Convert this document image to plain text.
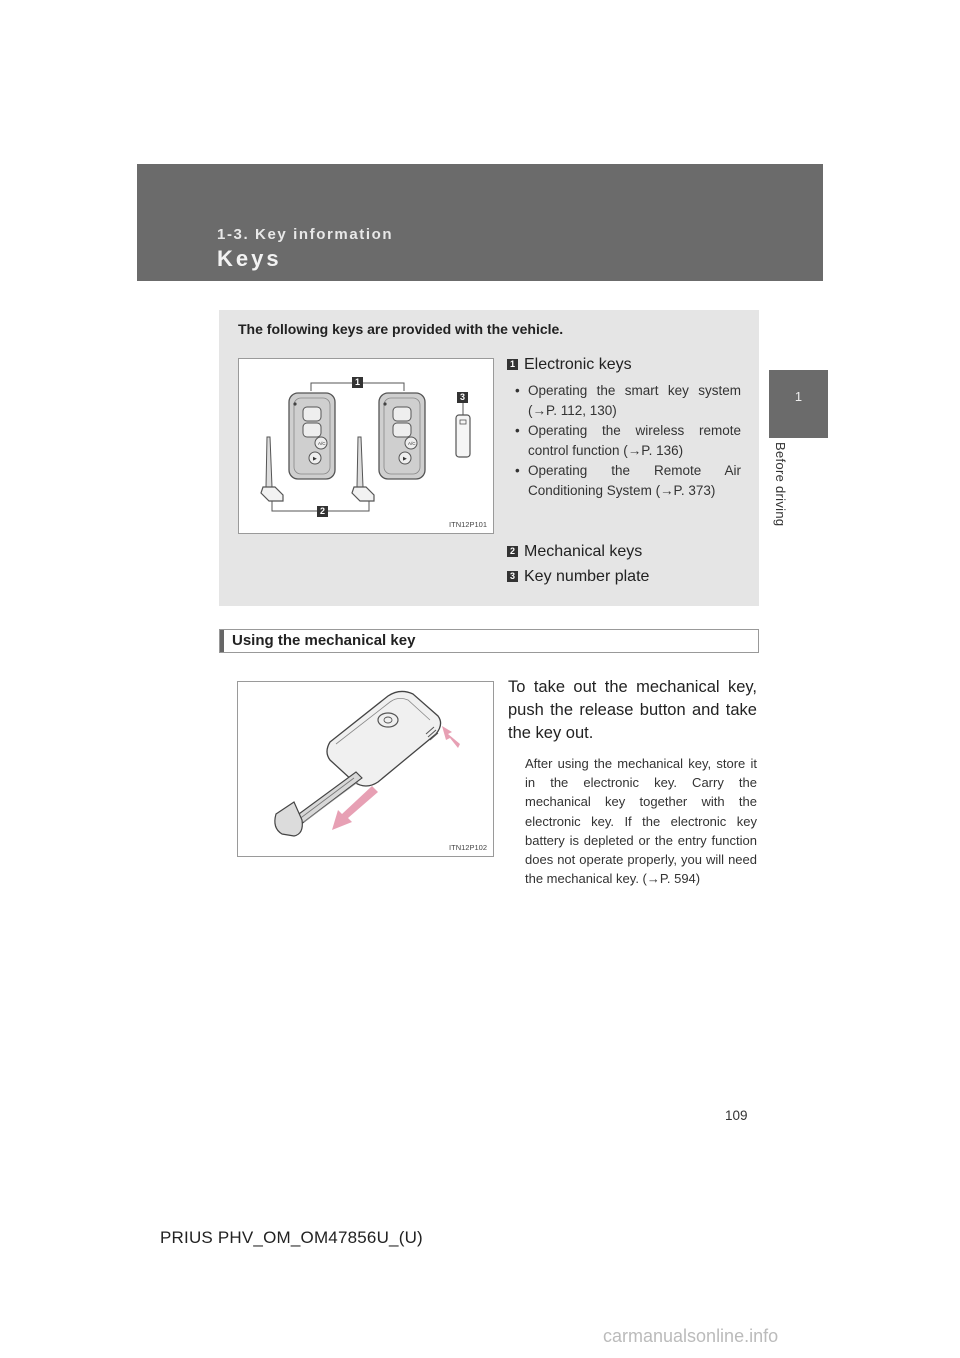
1-3. Key information
Keys
1
Before driving
The following keys are provided with the vehicle.
A/C
▶
A/C
▶
1
3
2
ITN12P101
1 Electronic keys
• Operating the smart key system (→P. 112, 130)
• Operating the wireless remote control function (→P. 136)
• Operating the Remote Air Conditioning System (→P. 373)
2 Mechanical keys
3 Key number plate
Using the mechanical key
ITN12P102

To take out the mechanical key, push the release button and take the key out.

After using the mechanical key, store it in the electronic key. Carry the mechanical key together with the electronic key. If the electronic key battery is depleted or the entry function does not operate properly, you will need the mechanical key. (→P. 594)

109
PRIUS PHV_OM_OM47856U_(U)
carmanualsonline.info
